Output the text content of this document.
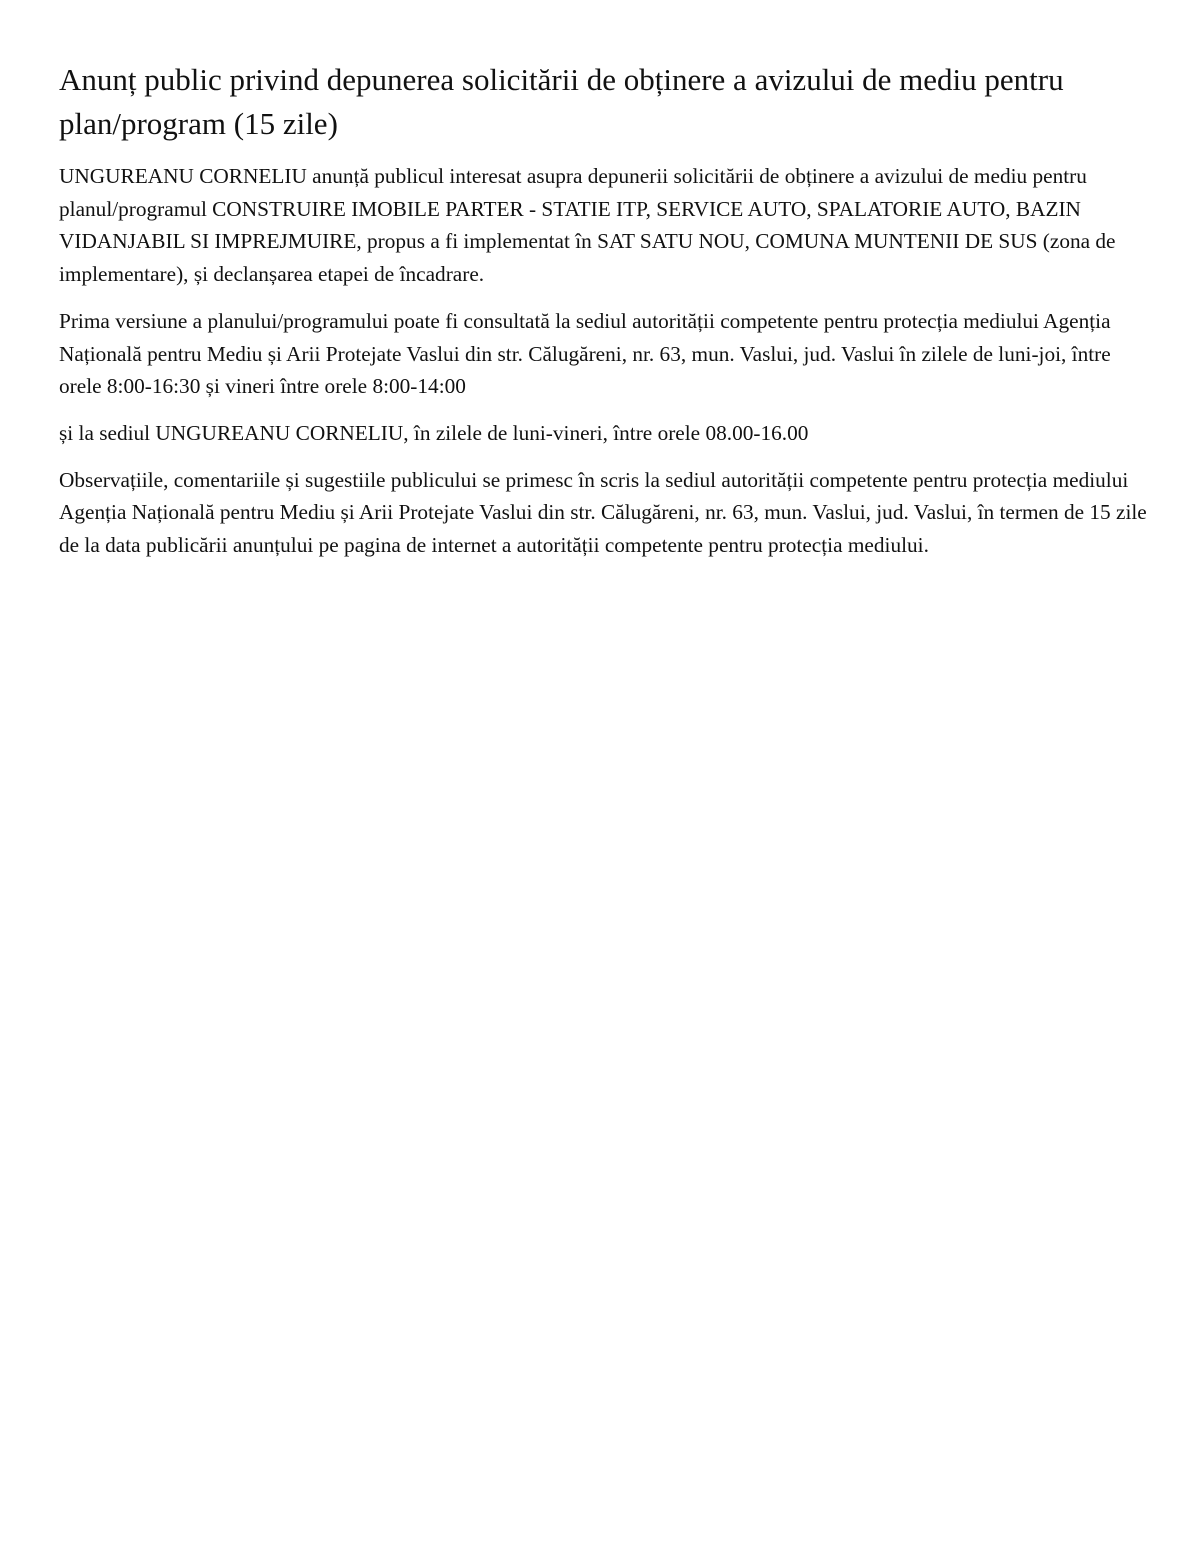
Anunț public privind depunerea solicitării de obținere a avizului de mediu pentru plan/program (15 zile)

UNGUREANU CORNELIU anunță publicul interesat asupra depunerii solicitării de obținere a avizului de mediu pentru planul/programul CONSTRUIRE IMOBILE PARTER - STATIE ITP, SERVICE AUTO, SPALATORIE AUTO, BAZIN VIDANJABIL SI IMPREJMUIRE, propus a fi implementat în SAT SATU NOU, COMUNA MUNTENII DE SUS (zona de implementare), și declanșarea etapei de încadrare.

Prima versiune a planului/programului poate fi consultată la sediul autorității competente pentru protecția mediului Agenția Națională pentru Mediu și Arii Protejate Vaslui din str. Călugăreni, nr. 63, mun. Vaslui, jud. Vaslui în zilele de luni-joi, între orele 8:00-16:30 și vineri între orele 8:00-14:00

și la sediul UNGUREANU CORNELIU, în zilele de luni-vineri, între orele 08.00-16.00

Observațiile, comentariile și sugestiile publicului se primesc în scris la sediul autorității competente pentru protecția mediului Agenția Națională pentru Mediu și Arii Protejate Vaslui din str. Călugăreni, nr. 63, mun. Vaslui, jud. Vaslui, în termen de 15 zile de la data publicării anunțului pe pagina de internet a autorității competente pentru protecția mediului.
